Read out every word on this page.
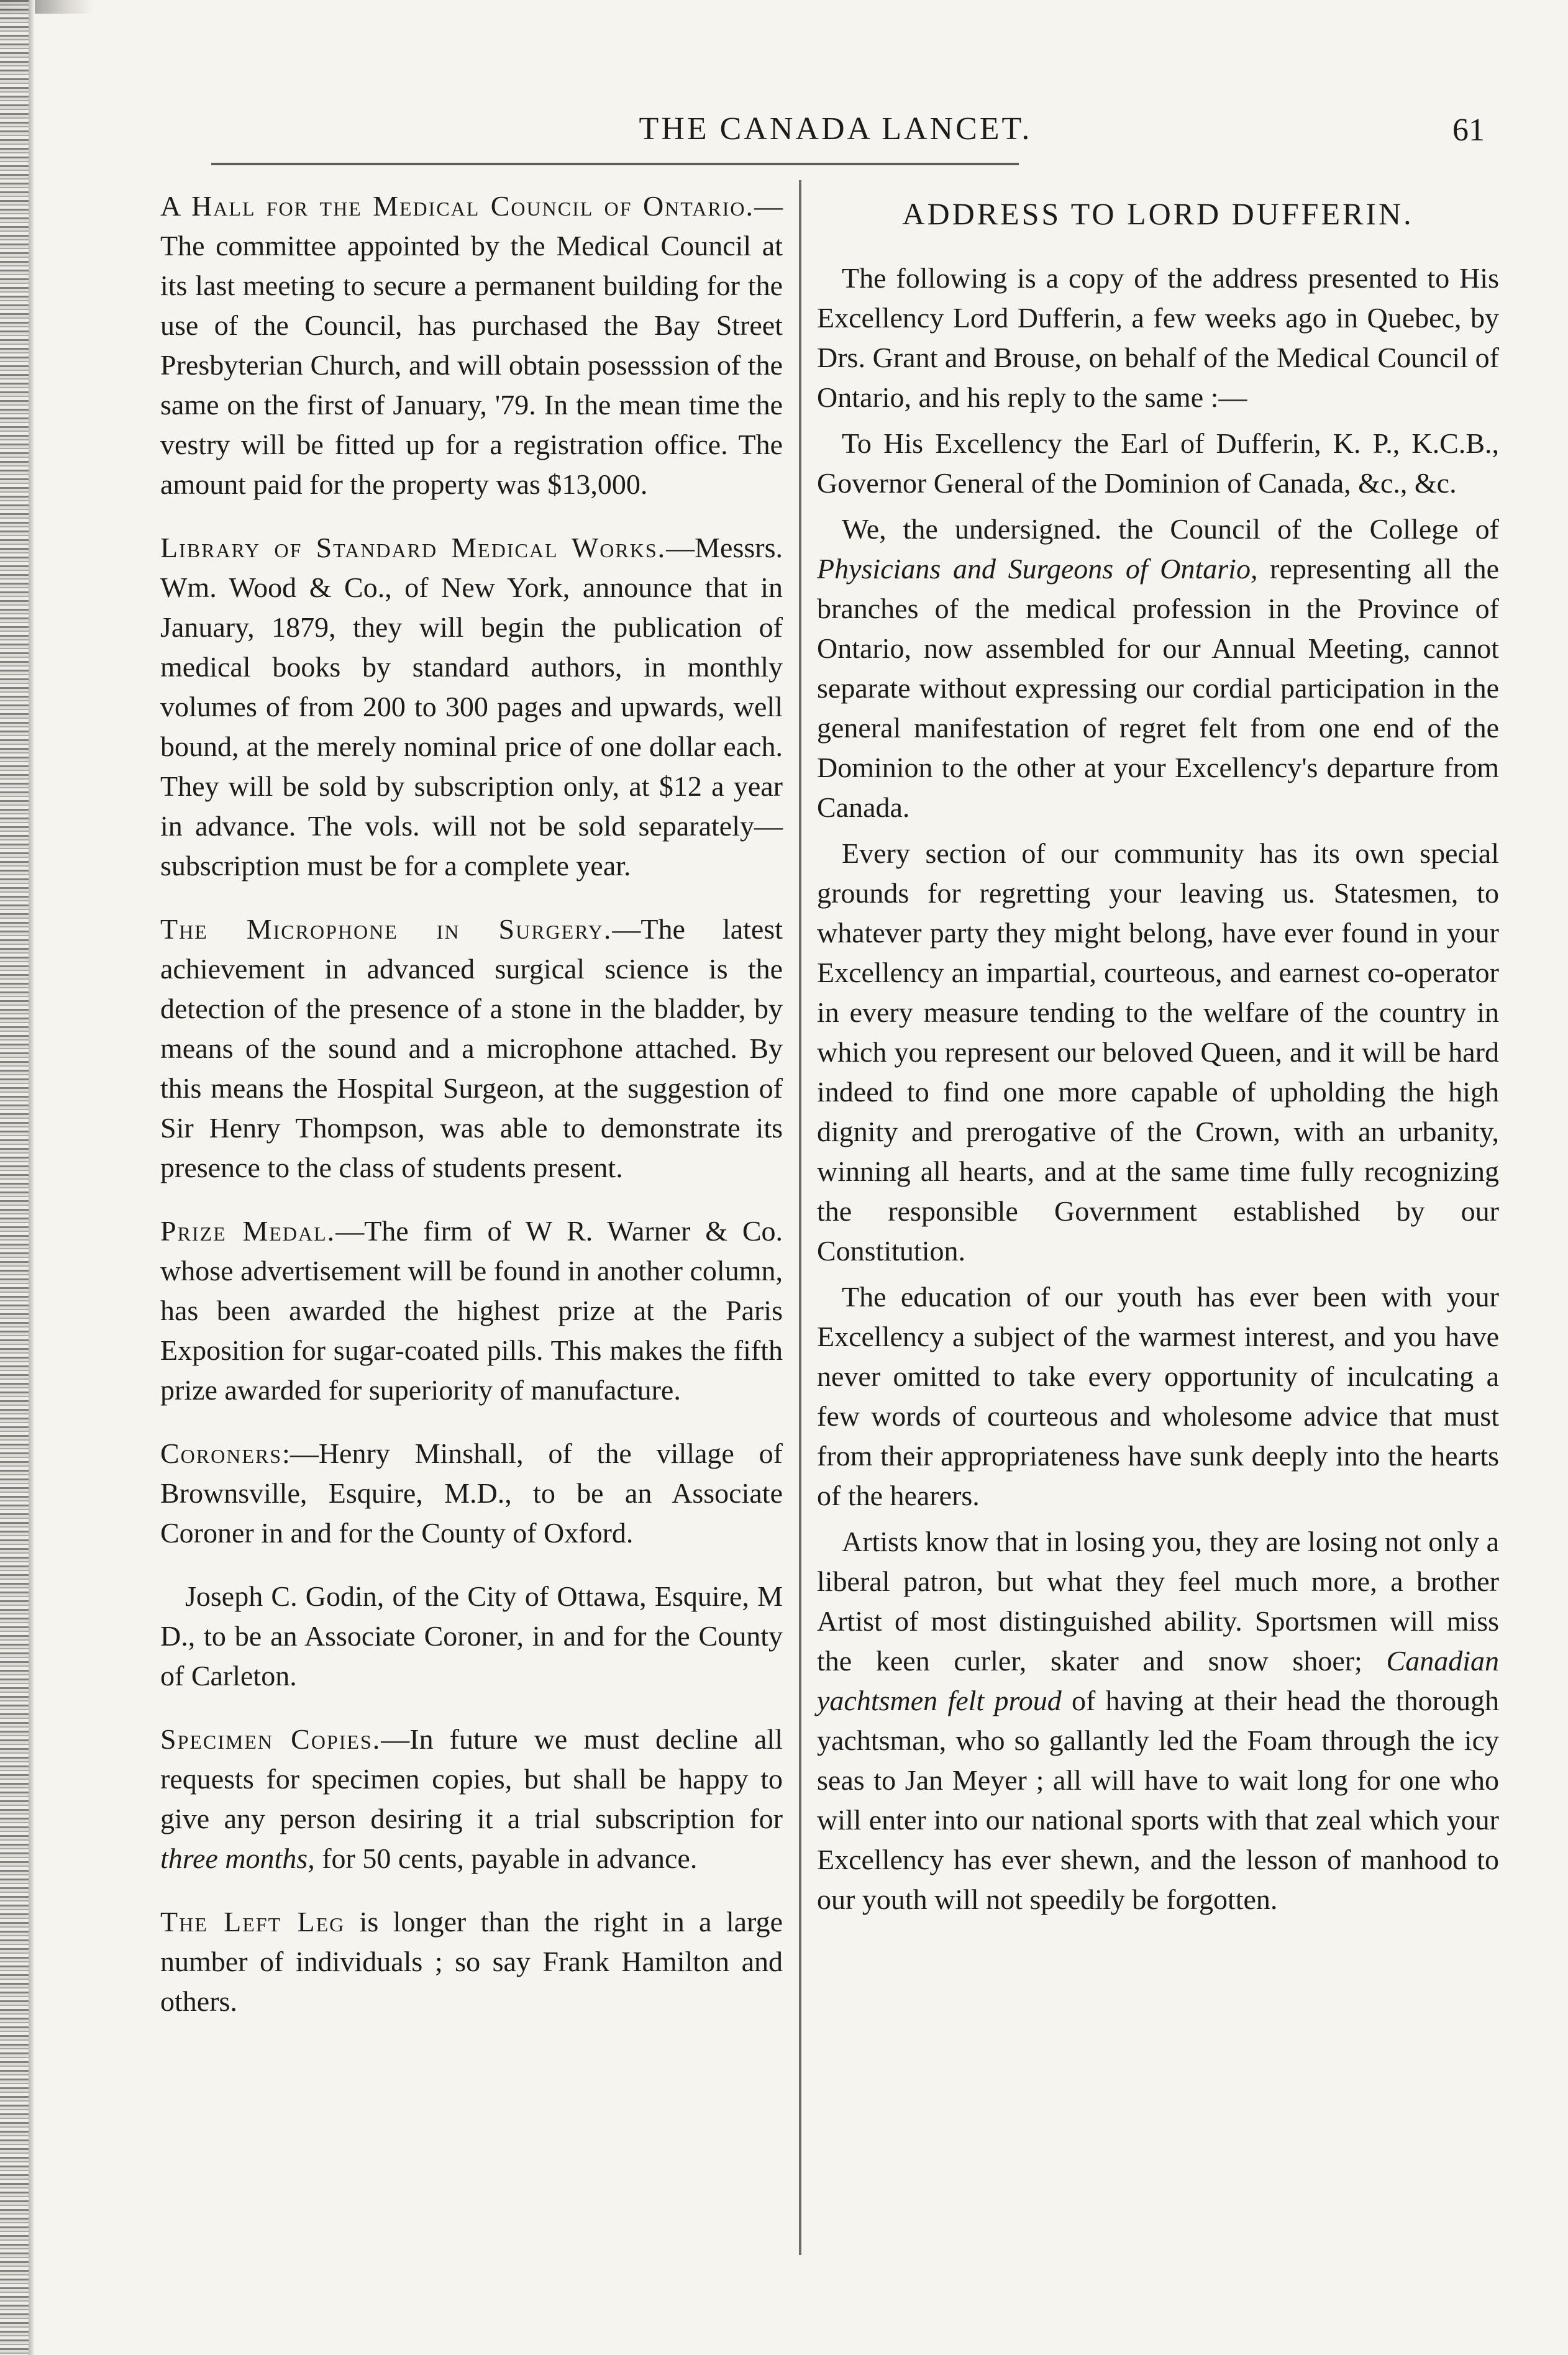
THE CANADA LANCET.	61

A Hall for the Medical Council of Ontario.—The committee appointed by the Medical Council at its last meeting to secure a permanent building for the use of the Council, has purchased the Bay Street Presbyterian Church, and will obtain posesssion of the same on the first of January, '79. In the mean time the vestry will be fitted up for a registration office. The amount paid for the property was $13,000.

Library of Standard Medical Works.—Messrs. Wm. Wood & Co., of New York, announce that in January, 1879, they will begin the publication of medical books by standard authors, in monthly volumes of from 200 to 300 pages and upwards, well bound, at the merely nominal price of one dollar each. They will be sold by subscription only, at $12 a year in advance. The vols. will not be sold separately—subscription must be for a complete year.

The Microphone in Surgery.—The latest achievement in advanced surgical science is the detection of the presence of a stone in the bladder, by means of the sound and a microphone attached. By this means the Hospital Surgeon, at the suggestion of Sir Henry Thompson, was able to demonstrate its presence to the class of students present.

Prize Medal.—The firm of W R. Warner & Co. whose advertisement will be found in another column, has been awarded the highest prize at the Paris Exposition for sugar-coated pills. This makes the fifth prize awarded for superiority of manufacture.

Coroners:—Henry Minshall, of the village of Brownsville, Esquire, M.D., to be an Associate Coroner in and for the County of Oxford.

Joseph C. Godin, of the City of Ottawa, Esquire, M D., to be an Associate Coroner, in and for the County of Carleton.

Specimen Copies.—In future we must decline all requests for specimen copies, but shall be happy to give any person desiring it a trial subscription for three months, for 50 cents, payable in advance.

The Left Leg is longer than the right in a large number of individuals ; so say Frank Hamilton and others.

ADDRESS TO LORD DUFFERIN.

The following is a copy of the address presented to His Excellency Lord Dufferin, a few weeks ago in Quebec, by Drs. Grant and Brouse, on behalf of the Medical Council of Ontario, and his reply to the same :—

To His Excellency the Earl of Dufferin, K. P., K.C.B., Governor General of the Dominion of Canada, &c., &c.

We, the undersigned. the Council of the College of Physicians and Surgeons of Ontario, representing all the branches of the medical profession in the Province of Ontario, now assembled for our Annual Meeting, cannot separate without expressing our cordial participation in the general manifestation of regret felt from one end of the Dominion to the other at your Excellency's departure from Canada.

Every section of our community has its own special grounds for regretting your leaving us. Statesmen, to whatever party they might belong, have ever found in your Excellency an impartial, courteous, and earnest co-operator in every measure tending to the welfare of the country in which you represent our beloved Queen, and it will be hard indeed to find one more capable of upholding the high dignity and prerogative of the Crown, with an urbanity, winning all hearts, and at the same time fully recognizing the responsible Government established by our Constitution.

The education of our youth has ever been with your Excellency a subject of the warmest interest, and you have never omitted to take every opportunity of inculcating a few words of courteous and wholesome advice that must from their appropriateness have sunk deeply into the hearts of the hearers.

Artists know that in losing you, they are losing not only a liberal patron, but what they feel much more, a brother Artist of most distinguished ability. Sportsmen will miss the keen curler, skater and snow shoer; Canadian yachtsmen felt proud of having at their head the thorough yachtsman, who so gallantly led the Foam through the icy seas to Jan Meyer ; all will have to wait long for one who will enter into our national sports with that zeal which your Excellency has ever shewn, and the lesson of manhood to our youth will not speedily be forgotten.
